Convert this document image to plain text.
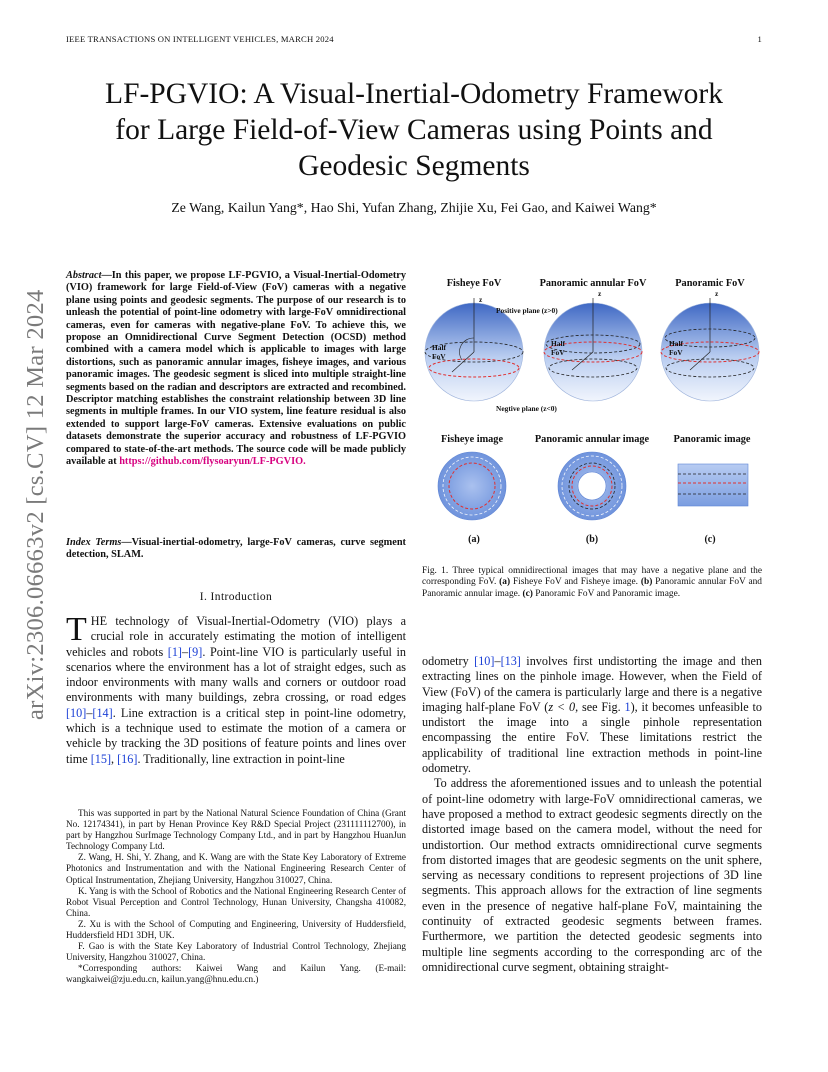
IEEE TRANSACTIONS ON INTELLIGENT VEHICLES, MARCH 2024	1
LF-PGVIO: A Visual-Inertial-Odometry Framework
for Large Field-of-View Cameras using Points and
Geodesic Segments
Ze Wang, Kailun Yang*, Hao Shi, Yufan Zhang, Zhijie Xu, Fei Gao, and Kaiwei Wang*
arXiv:2306.06663v2 [cs.CV] 12 Mar 2024
Abstract—In this paper, we propose LF-PGVIO, a Visual-Inertial-Odometry (VIO) framework for large Field-of-View (FoV) cameras with a negative plane using points and geodesic segments. The purpose of our research is to unleash the potential of point-line odometry with large-FoV omnidirectional cameras, even for cameras with negative-plane FoV. To achieve this, we propose an Omnidirectional Curve Segment Detection (OCSD) method combined with a camera model which is applicable to images with large distortions, such as panoramic annular images, fisheye images, and various panoramic images. The geodesic segment is sliced into multiple straight-line segments based on the radian and descriptors are extracted and recombined. Descriptor matching establishes the constraint relationship between 3D line segments in multiple frames. In our VIO system, line feature residual is also extended to support large-FoV cameras. Extensive evaluations on public datasets demonstrate the superior accuracy and robustness of LF-PGVIO compared to state-of-the-art methods. The source code will be made publicly available at https://github.com/flysoaryun/LF-PGVIO.
Index Terms—Visual-inertial-odometry, large-FoV cameras, curve segment detection, SLAM.
I. Introduction
THE technology of Visual-Inertial-Odometry (VIO) plays a crucial role in accurately estimating the motion of intelligent vehicles and robots [1]–[9]. Point-line VIO is particularly useful in scenarios where the environment has a lot of straight edges, such as indoor environments with many walls and corners or outdoor road environments with many buildings, zebra crossing, or road edges [10]–[14]. Line extraction is a critical step in point-line odometry, which is a technique used to estimate the motion of a camera or vehicle by tracking the 3D positions of feature points and lines over time [15], [16]. Traditionally, line extraction in point-line

This was supported in part by the National Natural Science Foundation of China (Grant No. 12174341), in part by Henan Province Key R&D Special Project (231111112700), in part by Hangzhou SurImage Technology Company Ltd., and in part by Hangzhou HuanJun Technology Company Ltd.

Z. Wang, H. Shi, Y. Zhang, and K. Wang are with the State Key Laboratory of Extreme Photonics and Instrumentation and with the National Engineering Research Center of Optical Instrumentation, Zhejiang University, Hangzhou 310027, China.

K. Yang is with the School of Robotics and the National Engineering Research Center of Robot Visual Perception and Control Technology, Hunan University, Changsha 410082, China.

Z. Xu is with the School of Computing and Engineering, University of Huddersfield, Huddersfield HD1 3DH, UK.

F. Gao is with the State Key Laboratory of Industrial Control Technology, Zhejiang University, Hangzhou 310027, China.

*Corresponding authors: Kaiwei Wang and Kailun Yang. (E-mail: wangkaiwei@zju.edu.cn, kailun.yang@hnu.edu.cn.)

Fisheye FoV	Panoramic annular FoV	Panoramic FoV
z
z	z
Positive plane (z>0)
Negtive plane (z<0)
Half
FoV
Half
FoV
Half
FoV
Fisheye image	Panoramic annular image Panoramic image
(a)	(b)	(c)
Fig. 1. Three typical omnidirectional images that may have a negative plane and the corresponding FoV. (a) Fisheye FoV and Fisheye image. (b) Panoramic annular FoV and Panoramic annular image. (c) Panoramic FoV and Panoramic image.

odometry [10]–[13] involves first undistorting the image and then extracting lines on the pinhole image. However, when the Field of View (FoV) of the camera is particularly large and there is a negative imaging half-plane FoV (z < 0, see Fig. 1), it becomes unfeasible to undistort the image into a single pinhole representation encompassing the entire FoV. These limitations restrict the applicability of traditional line extraction methods in point-line odometry.

To address the aforementioned issues and to unleash the potential of point-line odometry with large-FoV omnidirectional cameras, we have proposed a method to extract geodesic segments directly on the distorted image based on the camera model, without the need for undistortion. Our method extracts omnidirectional curve segments from distorted images that are geodesic segments on the unit sphere, serving as necessary conditions to represent projections of 3D line segments. This approach allows for the extraction of line segments even in the presence of negative half-plane FoV, maintaining the continuity of extracted geodesic segments between frames. Furthermore, we partition the detected geodesic segments into multiple line segments according to the corresponding arc of the omnidirectional curve segment, obtaining straight-
